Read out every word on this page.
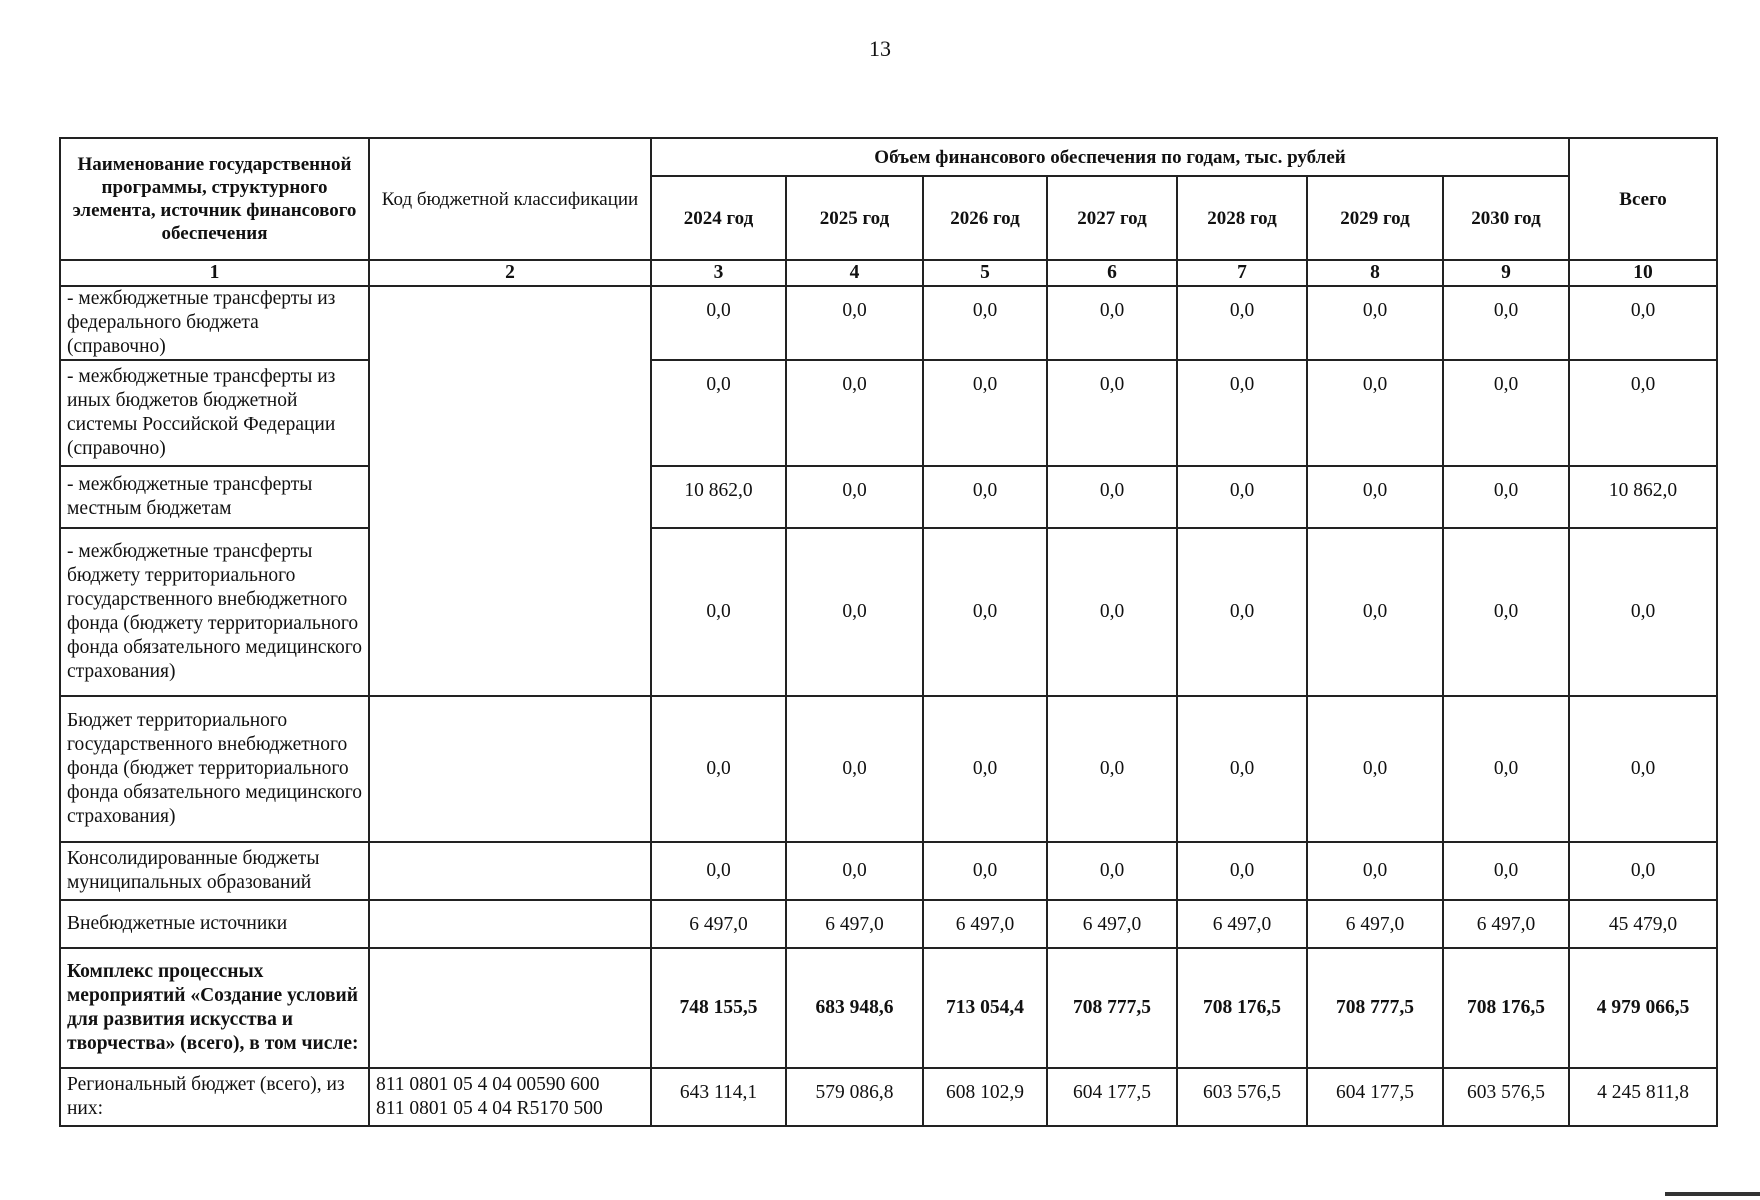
13
Наименование государственной программы, структурного элемента, источник финансового обеспечения	Код бюджетной классификации	Объем финансового обеспечения по годам, тыс. рублей							Всего
		2024 год	2025 год	2026 год	2027 год	2028 год	2029 год	2030 год	
1	2	3	4	5	6	7	8	9	10
- межбюджетные трансферты из федерального бюджета (справочно)		0,0	0,0	0,0	0,0	0,0	0,0	0,0	0,0
- межбюджетные трансферты из иных бюджетов бюджетной системы Российской Федерации (справочно)		0,0	0,0	0,0	0,0	0,0	0,0	0,0	0,0
- межбюджетные трансферты местным бюджетам		10 862,0	0,0	0,0	0,0	0,0	0,0	0,0	10 862,0
- межбюджетные трансферты бюджету территориального государственного внебюджетного фонда (бюджету территориального фонда обязательного медицинского страхования)		0,0	0,0	0,0	0,0	0,0	0,0	0,0	0,0
Бюджет территориального государственного внебюджетного фонда (бюджет территориального фонда обязательного медицинского страхования)		0,0	0,0	0,0	0,0	0,0	0,0	0,0	0,0
Консолидированные бюджеты муниципальных образований		0,0	0,0	0,0	0,0	0,0	0,0	0,0	0,0
Внебюджетные источники		6 497,0	6 497,0	6 497,0	6 497,0	6 497,0	6 497,0	6 497,0	45 479,0
Комплекс процессных мероприятий «Создание условий для развития искусства и творчества» (всего), в том числе:		748 155,5	683 948,6	713 054,4	708 777,5	708 176,5	708 777,5	708 176,5	4 979 066,5
Региональный бюджет (всего), из них:	811 0801 05 4 04 00590 600
811 0801 05 4 04 R5170 500	643 114,1	579 086,8	608 102,9	604 177,5	603 576,5	604 177,5	603 576,5	4 245 811,8
